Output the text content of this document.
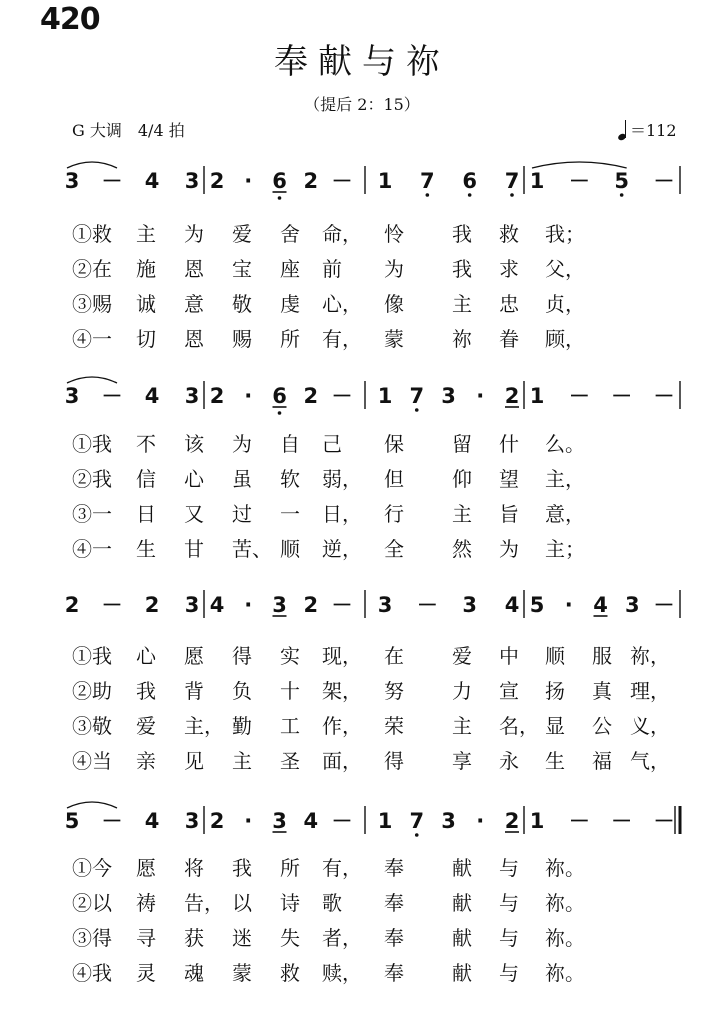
420
奉献与祢
（提后 2：15）
G 大调　4/4 拍	＝112
3 － 4 3 2 · 6 2 － 1 7 6 7 1 － 5 －
3 － 4 3 2 · 6 2 － 1 7 3 · 2 1 － － －
2 － 2 3 4 · 3 2 － 3 － 3 4 5 · 4 3 －
5 － 4 3 2 · 3 4 － 1 7 3 · 2 1 － － －
①救 主 为 爱 舍 命， 怜 我 救 我；
②在 施 恩 宝 座 前 为 我 求 父，
③赐 诚 意 敬 虔 心， 像 主 忠 贞，
④一 切 恩 赐 所 有， 蒙 祢 眷 顾，
①我 不 该 为 自 己 保 留 什 么。
②我 信 心 虽 软 弱， 但 仰 望 主，
③一 日 又 过 一 日， 行 主 旨 意，
④一 生 甘 苦、 顺 逆， 全 然 为 主；
①我 心 愿 得 实 现， 在 爱 中 顺 服 祢，
②助 我 背 负 十 架， 努 力 宣 扬 真 理，
③敬 爱 主， 勤 工 作， 荣 主 名， 显 公 义，
④当 亲 见 主 圣 面， 得 享 永 生 福 气，
①今 愿 将 我 所 有， 奉 献 与 祢。
②以 祷 告， 以 诗 歌 奉 献 与 祢。
③得 寻 获 迷 失 者， 奉 献 与 祢。
④我 灵 魂 蒙 救 赎， 奉 献 与 祢。
